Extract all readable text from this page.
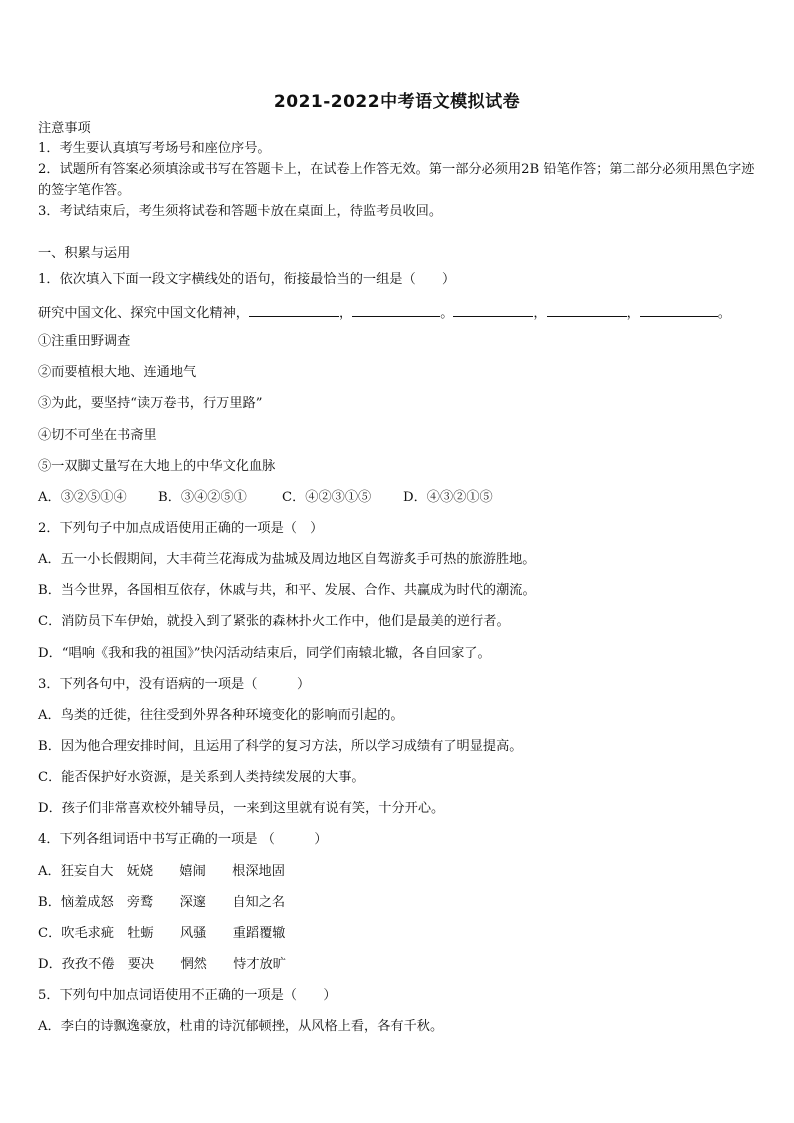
2021-2022中考语文模拟试卷
注意事项
1．考生要认真填写考场号和座位序号。
2．试题所有答案必须填涂或书写在答题卡上，在试卷上作答无效。第一部分必须用2B 铅笔作答；第二部分必须用黑色字迹的签字笔作答。
3．考试结束后，考生须将试卷和答题卡放在桌面上，待监考员收回。
一、积累与运用
1．依次填入下面一段文字横线处的语句，衔接最恰当的一组是（　　）
研究中国文化、探究中国文化精神，	，	。	，	，	。
①注重田野调查
②而要植根大地、连通地气
③为此，要坚持“读万卷书，行万里路”
④切不可坐在书斋里
⑤一双脚丈量写在大地上的中华文化血脉
A．③②⑤①④ B．③④②⑤①	C．④②③①⑤ D．④③②①⑤
2．下列句子中加点成语使用正确的一项是（　）
A．五一小长假期间，大丰荷兰花海成为盐城及周边地区自驾游炙手可热的旅游胜地。
B．当今世界，各国相互依存，休戚与共，和平、发展、合作、共赢成为时代的潮流。
C．消防员下车伊始，就投入到了紧张的森林扑火工作中，他们是最美的逆行者。
D．“唱响《我和我的祖国》”快闪活动结束后，同学们南辕北辙，各自回家了。
3．下列各句中，没有语病的一项是（　　　）
A．鸟类的迁徙，往往受到外界各种环境变化的影响而引起的。
B．因为他合理安排时间，且运用了科学的复习方法，所以学习成绩有了明显提高。
C．能否保护好水资源，是关系到人类持续发展的大事。
D．孩子们非常喜欢校外辅导员，一来到这里就有说有笑，十分开心。
4．下列各组词语中书写正确的一项是 （　　　）
A．狂妄自大　妩娆　　嬉闹　　根深地固
B．恼羞成怒　旁鹜　　深邃　　自知之名
C．吹毛求疵　牡蛎　　风骚　　重蹈覆辙
D．孜孜不倦　要决　　惘然　　恃才放旷
5．下列句中加点词语使用不正确的一项是（　　）
A．李白的诗飘逸豪放，杜甫的诗沉郁顿挫，从风格上看，各有千秋。
